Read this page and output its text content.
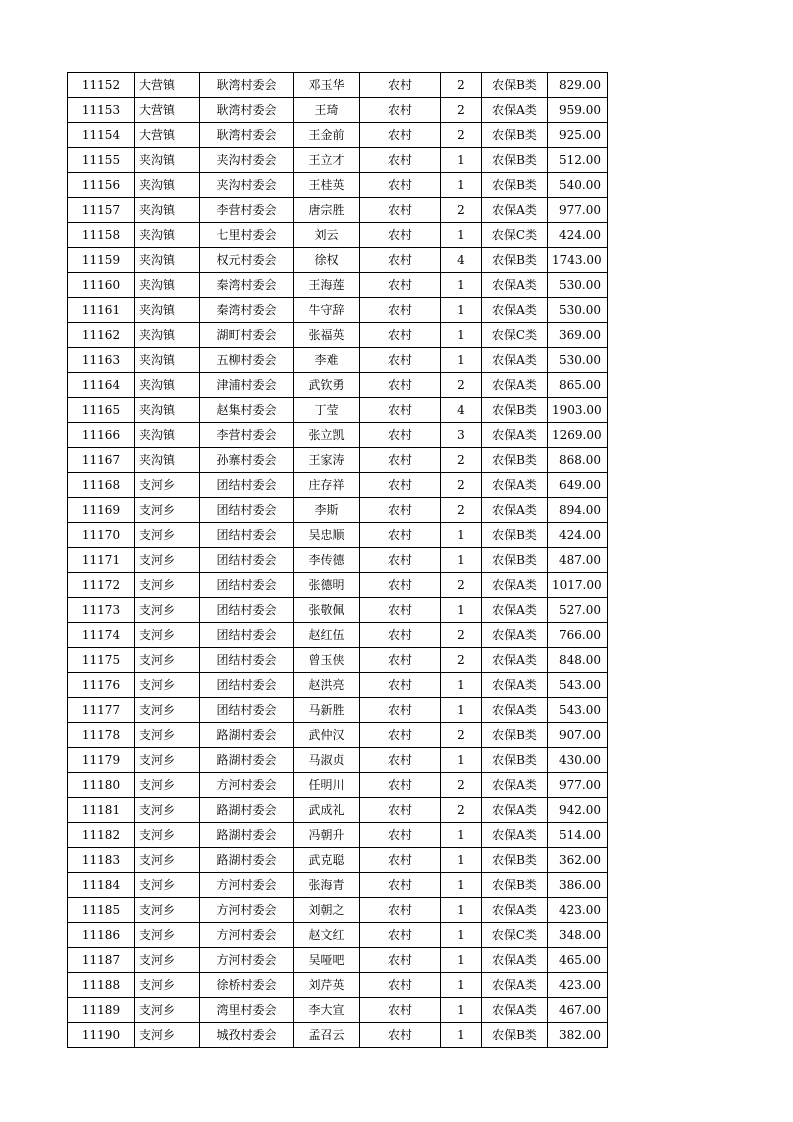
11152	大营镇	耿湾村委会	邓玉华	农村	2	农保B类	829.00
11153	大营镇	耿湾村委会	王琦	农村	2	农保A类	959.00
11154	大营镇	耿湾村委会	王金前	农村	2	农保B类	925.00
11155	夹沟镇	夹沟村委会	王立才	农村	1	农保B类	512.00
11156	夹沟镇	夹沟村委会	王桂英	农村	1	农保B类	540.00
11157	夹沟镇	李营村委会	唐宗胜	农村	2	农保A类	977.00
11158	夹沟镇	七里村委会	刘云	农村	1	农保C类	424.00
11159	夹沟镇	权元村委会	徐权	农村	4	农保B类	1743.00
11160	夹沟镇	秦湾村委会	王海莲	农村	1	农保A类	530.00
11161	夹沟镇	秦湾村委会	牛守辞	农村	1	农保A类	530.00
11162	夹沟镇	湖町村委会	张福英	农村	1	农保C类	369.00
11163	夹沟镇	五柳村委会	李难	农村	1	农保A类	530.00
11164	夹沟镇	津浦村委会	武钦勇	农村	2	农保A类	865.00
11165	夹沟镇	赵集村委会	丁莹	农村	4	农保B类	1903.00
11166	夹沟镇	李营村委会	张立凯	农村	3	农保A类	1269.00
11167	夹沟镇	孙寨村委会	王家涛	农村	2	农保B类	868.00
11168	支河乡	团结村委会	庄存祥	农村	2	农保A类	649.00
11169	支河乡	团结村委会	李斯	农村	2	农保A类	894.00
11170	支河乡	团结村委会	吴忠顺	农村	1	农保B类	424.00
11171	支河乡	团结村委会	李传德	农村	1	农保B类	487.00
11172	支河乡	团结村委会	张德明	农村	2	农保A类	1017.00
11173	支河乡	团结村委会	张敬佩	农村	1	农保A类	527.00
11174	支河乡	团结村委会	赵红伍	农村	2	农保A类	766.00
11175	支河乡	团结村委会	曾玉侠	农村	2	农保A类	848.00
11176	支河乡	团结村委会	赵洪亮	农村	1	农保A类	543.00
11177	支河乡	团结村委会	马新胜	农村	1	农保A类	543.00
11178	支河乡	路湖村委会	武仲汉	农村	2	农保B类	907.00
11179	支河乡	路湖村委会	马淑贞	农村	1	农保B类	430.00
11180	支河乡	方河村委会	任明川	农村	2	农保A类	977.00
11181	支河乡	路湖村委会	武成礼	农村	2	农保A类	942.00
11182	支河乡	路湖村委会	冯朝升	农村	1	农保A类	514.00
11183	支河乡	路湖村委会	武克聪	农村	1	农保B类	362.00
11184	支河乡	方河村委会	张海青	农村	1	农保B类	386.00
11185	支河乡	方河村委会	刘朝之	农村	1	农保A类	423.00
11186	支河乡	方河村委会	赵文红	农村	1	农保C类	348.00
11187	支河乡	方河村委会	吴哑吧	农村	1	农保A类	465.00
11188	支河乡	徐桥村委会	刘芹英	农村	1	农保A类	423.00
11189	支河乡	湾里村委会	李大宣	农村	1	农保A类	467.00
11190	支河乡	城孜村委会	孟召云	农村	1	农保B类	382.00
